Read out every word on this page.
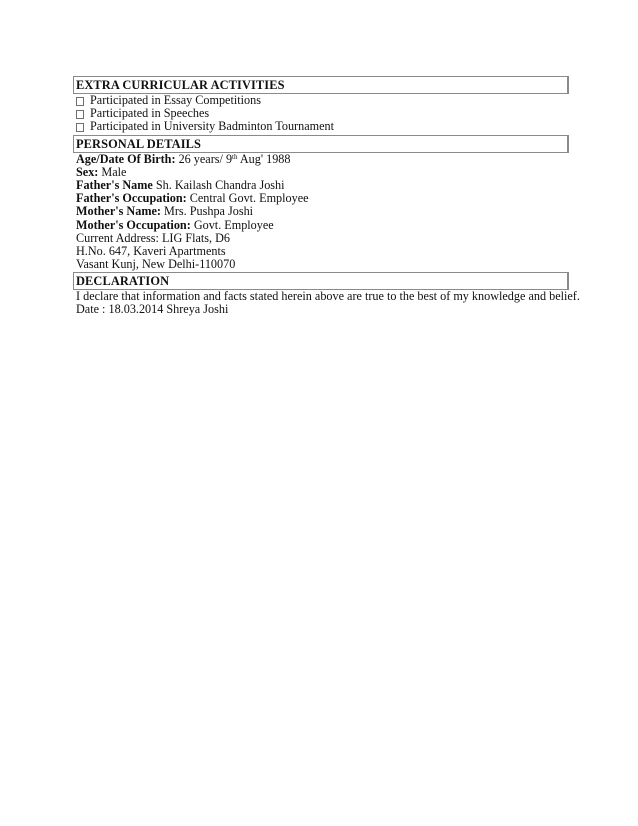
EXTRA CURRICULAR ACTIVITIES
Participated in Essay Competitions
Participated in Speeches
Participated in University Badminton Tournament
PERSONAL DETAILS
Age/Date Of Birth: 26 years/ 9th Aug' 1988
Sex: Male
Father's Name Sh. Kailash Chandra Joshi
Father's Occupation: Central Govt. Employee
Mother's Name: Mrs. Pushpa Joshi
Mother's Occupation: Govt. Employee
Current Address: LIG Flats, D6
H.No. 647, Kaveri Apartments
Vasant Kunj, New Delhi-110070
DECLARATION
I declare that information and facts stated herein above are true to the best of my knowledge and belief.
Date : 18.03.2014 Shreya Joshi
